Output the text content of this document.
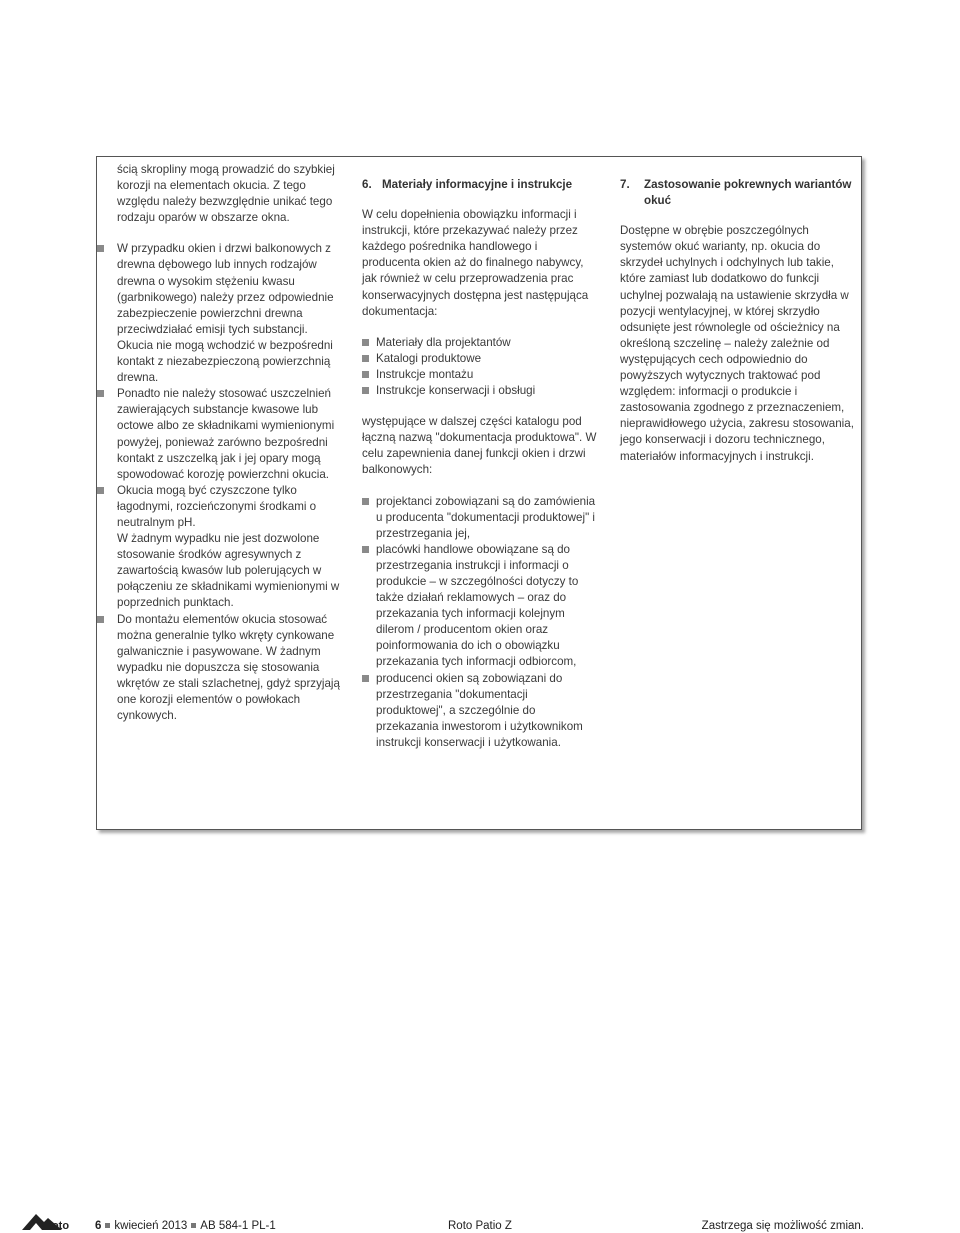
ścią skropliny mogą prowadzić do szybkiej korozji na elementach okucia. Z tego względu należy bezwzględnie unikać tego rodzaju oparów w obszarze okna.

W przypadku okien i drzwi balkonowych z drewna dębowego lub innych rodzajów drewna o wysokim stężeniu kwasu (garbnikowego) należy przez odpowiednie zabezpieczenie powierzchni drewna przeciwdziałać emisji tych substancji. Okucia nie mogą wchodzić w bezpośredni kontakt z niezabezpieczoną powierzchnią drewna.
Ponadto nie należy stosować uszczelnień zawierających substancje kwasowe lub octowe albo ze składnikami wymienionymi powyżej, ponieważ zarówno bezpośredni kontakt z uszczelką jak i jej opary mogą spowodować korozję powierzchni okucia.
Okucia mogą być czyszczone tylko łagodnymi, rozcieńczonymi środkami o neutralnym pH.
W żadnym wypadku nie jest dozwolone stosowanie środków agresywnych z zawartością kwasów lub polerujących w połączeniu ze składnikami wymienionymi w poprzednich punktach.
Do montażu elementów okucia stosować można generalnie tylko wkręty cynkowane galwanicznie i pasywowane. W żadnym wypadku nie dopuszcza się stosowania wkrętów ze stali szlachetnej, gdyż sprzyjają one korozji elementów o powłokach cynkowych.
6. Materiały informacyjne i instrukcje

W celu dopełnienia obowiązku informacji i instrukcji, które przekazywać należy przez każdego pośrednika handlowego i producenta okien aż do finalnego nabywcy, jak również w celu przeprowadzenia prac konserwacyjnych dostępna jest następująca dokumentacja:

Materiały dla projektantów
Katalogi produktowe
Instrukcje montażu
Instrukcje konserwacji i obsługi

występujące w dalszej części katalogu pod łączną nazwą "dokumentacja produktowa". W celu zapewnienia danej funkcji okien i drzwi balkonowych:

projektanci zobowiązani są do zamówienia u producenta "dokumentacji produktowej" i przestrzegania jej,
placówki handlowe obowiązane są do przestrzegania instrukcji i informacji o produkcie – w szczególności dotyczy to także działań reklamowych – oraz do przekazania tych informacji kolejnym dilerom / producentom okien oraz poinformowania do ich o obowiązku przekazania tych informacji odbiorcom,
producenci okien są zobowiązani do przestrzegania "dokumentacji produktowej", a szczególnie do przekazania inwestorom i użytkownikom instrukcji konserwacji i użytkowania.
7.	Zastosowanie pokrewnych wariantów okuć

Dostępne w obrębie poszczególnych systemów okuć warianty, np. okucia do skrzydeł uchylnych i odchylnych lub takie, które zamiast lub dodatkowo do funkcji uchylnej pozwalają na ustawienie skrzydła w pozycji wentylacyjnej, w której skrzydło odsunięte jest równolegle od ościeżnicy na określoną szczelinę – należy zależnie od występujących cech odpowiednio do powyższych wytycznych traktować pod względem: informacji o produkcie i zastosowania zgodnego z przeznaczeniem, nieprawidłowego użycia, zakresu stosowania, jego konserwacji i dozoru technicznego, materiałów informacyjnych i instrukcji.

Roto 6 kwiecień 2013 AB 584-1 PL-1	Roto Patio Z	Zastrzega się możliwość zmian.
